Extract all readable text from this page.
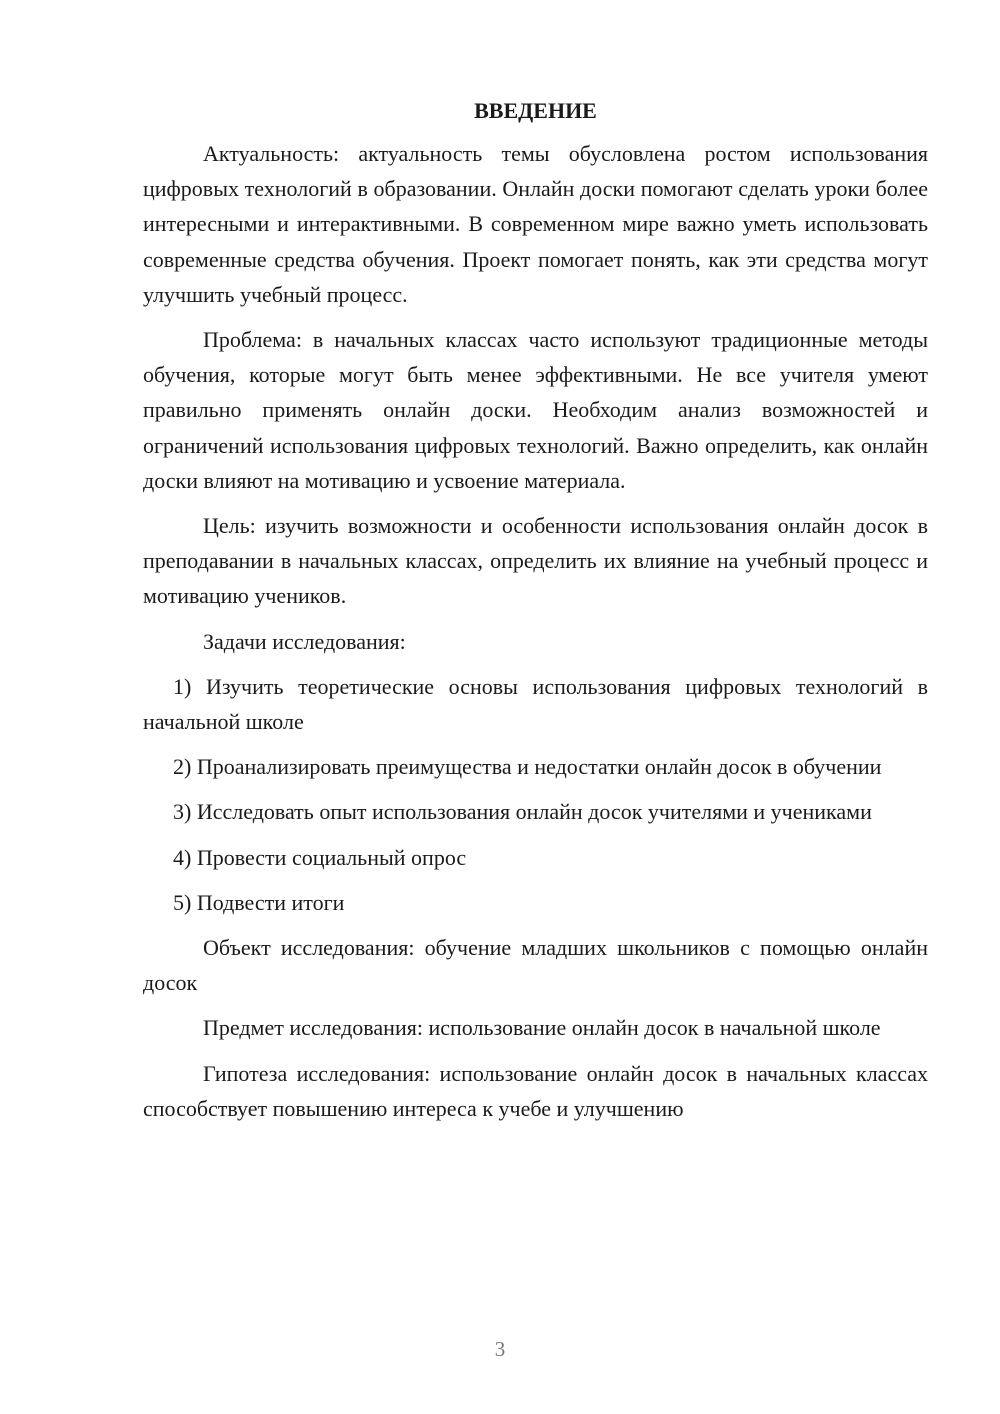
ВВЕДЕНИЕ

Актуальность: актуальность темы обусловлена ростом использования цифровых технологий в образовании. Онлайн доски помогают сделать уроки более интересными и интерактивными. В современном мире важно уметь использовать современные средства обучения. Проект помогает понять, как эти средства могут улучшить учебный процесс.

Проблема: в начальных классах часто используют традиционные методы обучения, которые могут быть менее эффективными. Не все учителя умеют правильно применять онлайн доски. Необходим анализ возможностей и ограничений использования цифровых технологий. Важно определить, как онлайн доски влияют на мотивацию и усвоение материала.

Цель: изучить возможности и особенности использования онлайн досок в преподавании в начальных классах, определить их влияние на учебный процесс и мотивацию учеников.

Задачи исследования:

1) Изучить теоретические основы использования цифровых технологий в начальной школе

2) Проанализировать преимущества и недостатки онлайн досок в обучении

3) Исследовать опыт использования онлайн досок учителями и учениками

4) Провести социальный опрос

5) Подвести итоги

Объект исследования: обучение младших школьников с помощью онлайн досок

Предмет исследования: использование онлайн досок в начальной школе

Гипотеза исследования: использование онлайн досок в начальных классах способствует повышению интереса к учебе и улучшению

3
